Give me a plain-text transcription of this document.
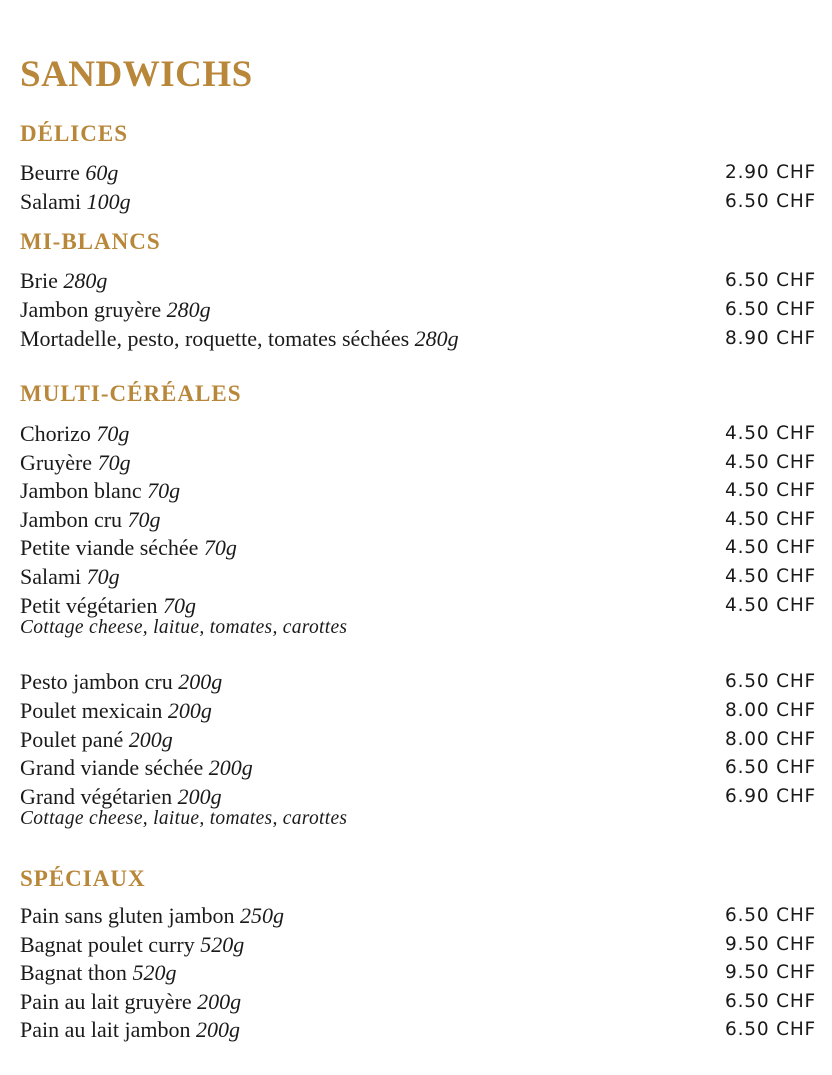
SANDWICHS
DÉLICES
Beurre 60g	2.90 CHF
Salami 100g	6.50 CHF
MI-BLANCS
Brie 280g	6.50 CHF
Jambon gruyère 280g	6.50 CHF
Mortadelle, pesto, roquette, tomates séchées 280g	8.90 CHF
MULTI-CÉRÉALES
Chorizo 70g	4.50 CHF
Gruyère 70g	4.50 CHF
Jambon blanc 70g	4.50 CHF
Jambon cru 70g	4.50 CHF
Petite viande séchée 70g	4.50 CHF
Salami 70g	4.50 CHF
Petit végétarien 70g	4.50 CHF
Cottage cheese, laitue, tomates, carottes
Pesto jambon cru 200g	6.50 CHF
Poulet mexicain 200g	8.00 CHF
Poulet pané 200g	8.00 CHF
Grand viande séchée 200g	6.50 CHF
Grand végétarien 200g	6.90 CHF
Cottage cheese, laitue, tomates, carottes
SPÉCIAUX
Pain sans gluten jambon 250g	6.50 CHF
Bagnat poulet curry 520g	9.50 CHF
Bagnat thon 520g	9.50 CHF
Pain au lait gruyère 200g	6.50 CHF
Pain au lait jambon 200g	6.50 CHF
